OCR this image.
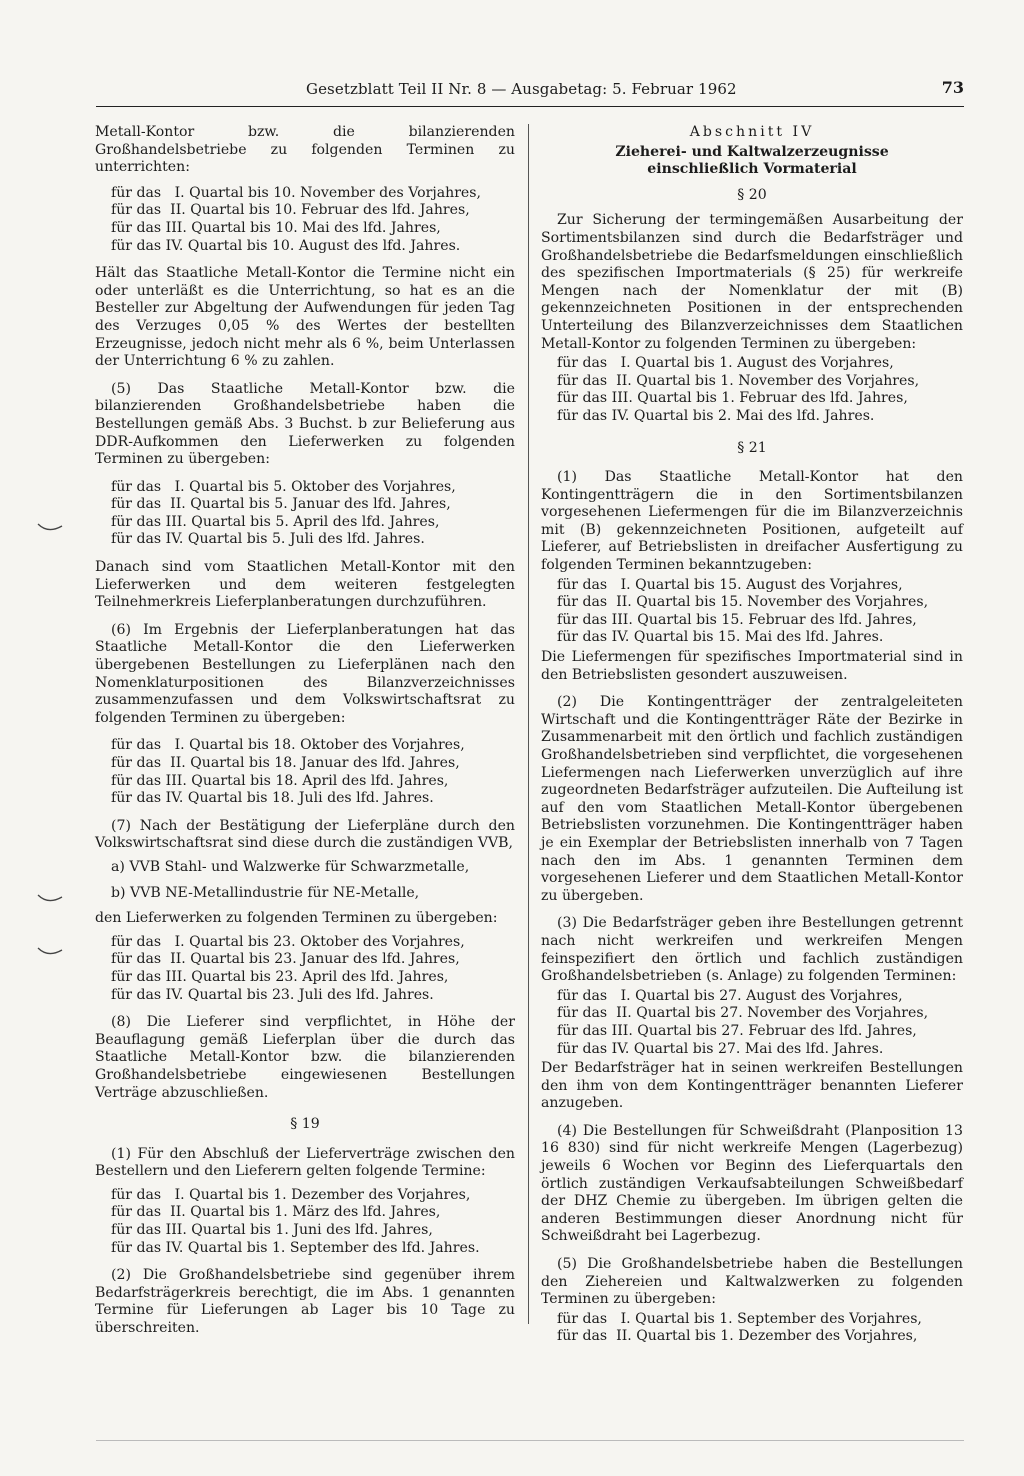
Gesetzblatt Teil II Nr. 8 — Ausgabetag: 5. Februar 1962	73

Metall-Kontor bzw. die bilanzierenden Großhandelsbetriebe zu folgenden Terminen zu unterrichten:

für das   I. Quartal bis 10. November des Vorjahres,
für das  II. Quartal bis 10. Februar des lfd. Jahres,
für das III. Quartal bis 10. Mai des lfd. Jahres,
für das IV. Quartal bis 10. August des lfd. Jahres.

Hält das Staatliche Metall-Kontor die Termine nicht ein oder unterläßt es die Unterrichtung, so hat es an die Besteller zur Abgeltung der Aufwendungen für jeden Tag des Verzuges 0,05 % des Wertes der bestellten Erzeugnisse, jedoch nicht mehr als 6 %, beim Unterlassen der Unterrichtung 6 % zu zahlen.

(5) Das Staatliche Metall-Kontor bzw. die bilanzierenden Großhandelsbetriebe haben die Bestellungen gemäß Abs. 3 Buchst. b zur Belieferung aus DDR-Aufkommen den Lieferwerken zu folgenden Terminen zu übergeben:

für das   I. Quartal bis 5. Oktober des Vorjahres,
für das  II. Quartal bis 5. Januar des lfd. Jahres,
für das III. Quartal bis 5. April des lfd. Jahres,
für das IV. Quartal bis 5. Juli des lfd. Jahres.

Danach sind vom Staatlichen Metall-Kontor mit den Lieferwerken und dem weiteren festgelegten Teilnehmerkreis Lieferplanberatungen durchzuführen.

(6) Im Ergebnis der Lieferplanberatungen hat das Staatliche Metall-Kontor die den Lieferwerken übergebenen Bestellungen zu Lieferplänen nach den Nomenklaturpositionen des Bilanzverzeichnisses zusammenzufassen und dem Volkswirtschaftsrat zu folgenden Terminen zu übergeben:

für das   I. Quartal bis 18. Oktober des Vorjahres,
für das  II. Quartal bis 18. Januar des lfd. Jahres,
für das III. Quartal bis 18. April des lfd. Jahres,
für das IV. Quartal bis 18. Juli des lfd. Jahres.

(7) Nach der Bestätigung der Lieferpläne durch den Volkswirtschaftsrat sind diese durch die zuständigen VVB,

a) VVB Stahl- und Walzwerke für Schwarzmetalle,

b) VVB NE-Metallindustrie für NE-Metalle,

den Lieferwerken zu folgenden Terminen zu übergeben:

für das   I. Quartal bis 23. Oktober des Vorjahres,
für das  II. Quartal bis 23. Januar des lfd. Jahres,
für das III. Quartal bis 23. April des lfd. Jahres,
für das IV. Quartal bis 23. Juli des lfd. Jahres.

(8) Die Lieferer sind verpflichtet, in Höhe der Beauflagung gemäß Lieferplan über die durch das Staatliche Metall-Kontor bzw. die bilanzierenden Großhandelsbetriebe eingewiesenen Bestellungen Verträge abzuschließen.

§ 19

(1) Für den Abschluß der Lieferverträge zwischen den Bestellern und den Lieferern gelten folgende Termine:

für das   I. Quartal bis 1. Dezember des Vorjahres,
für das  II. Quartal bis 1. März des lfd. Jahres,
für das III. Quartal bis 1. Juni des lfd. Jahres,
für das IV. Quartal bis 1. September des lfd. Jahres.

(2) Die Großhandelsbetriebe sind gegenüber ihrem Bedarfsträgerkreis berechtigt, die im Abs. 1 genannten Termine für Lieferungen ab Lager bis 10 Tage zu überschreiten.

Abschnitt IV
Zieherei- und Kaltwalzerzeugnisse einschließlich Vormaterial
§ 20

Zur Sicherung der termingemäßen Ausarbeitung der Sortimentsbilanzen sind durch die Bedarfsträger und Großhandelsbetriebe die Bedarfsmeldungen einschließlich des spezifischen Importmaterials (§ 25) für werkreife Mengen nach der Nomenklatur der mit (B) gekennzeichneten Positionen in der entsprechenden Unterteilung des Bilanzverzeichnisses dem Staatlichen Metall-Kontor zu folgenden Terminen zu übergeben:

für das   I. Quartal bis 1. August des Vorjahres,
für das  II. Quartal bis 1. November des Vorjahres,
für das III. Quartal bis 1. Februar des lfd. Jahres,
für das IV. Quartal bis 2. Mai des lfd. Jahres.
§ 21

(1) Das Staatliche Metall-Kontor hat den Kontingentträgern die in den Sortimentsbilanzen vorgesehenen Liefermengen für die im Bilanzverzeichnis mit (B) gekennzeichneten Positionen, aufgeteilt auf Lieferer, auf Betriebslisten in dreifacher Ausfertigung zu folgenden Terminen bekanntzugeben:

für das   I. Quartal bis 15. August des Vorjahres,
für das  II. Quartal bis 15. November des Vorjahres,
für das III. Quartal bis 15. Februar des lfd. Jahres,
für das IV. Quartal bis 15. Mai des lfd. Jahres.

Die Liefermengen für spezifisches Importmaterial sind in den Betriebslisten gesondert auszuweisen.

(2) Die Kontingentträger der zentralgeleiteten Wirtschaft und die Kontingentträger Räte der Bezirke in Zusammenarbeit mit den örtlich und fachlich zuständigen Großhandelsbetrieben sind verpflichtet, die vorgesehenen Liefermengen nach Lieferwerken unverzüglich auf ihre zugeordneten Bedarfsträger aufzuteilen. Die Aufteilung ist auf den vom Staatlichen Metall-Kontor übergebenen Betriebslisten vorzunehmen. Die Kontingentträger haben je ein Exemplar der Betriebslisten innerhalb von 7 Tagen nach den im Abs. 1 genannten Terminen dem vorgesehenen Lieferer und dem Staatlichen Metall-Kontor zu übergeben.

(3) Die Bedarfsträger geben ihre Bestellungen getrennt nach nicht werkreifen und werkreifen Mengen feinspezifiert den örtlich und fachlich zuständigen Großhandelsbetrieben (s. Anlage) zu folgenden Terminen:

für das   I. Quartal bis 27. August des Vorjahres,
für das  II. Quartal bis 27. November des Vorjahres,
für das III. Quartal bis 27. Februar des lfd. Jahres,
für das IV. Quartal bis 27. Mai des lfd. Jahres.

Der Bedarfsträger hat in seinen werkreifen Bestellungen den ihm von dem Kontingentträger benannten Lieferer anzugeben.

(4) Die Bestellungen für Schweißdraht (Planposition 13 16 830) sind für nicht werkreife Mengen (Lagerbezug) jeweils 6 Wochen vor Beginn des Lieferquartals den örtlich zuständigen Verkaufsabteilungen Schweißbedarf der DHZ Chemie zu übergeben. Im übrigen gelten die anderen Bestimmungen dieser Anordnung nicht für Schweißdraht bei Lagerbezug.

(5) Die Großhandelsbetriebe haben die Bestellungen den Ziehereien und Kaltwalzwerken zu folgenden Terminen zu übergeben:

für das   I. Quartal bis 1. September des Vorjahres,
für das  II. Quartal bis 1. Dezember des Vorjahres,
